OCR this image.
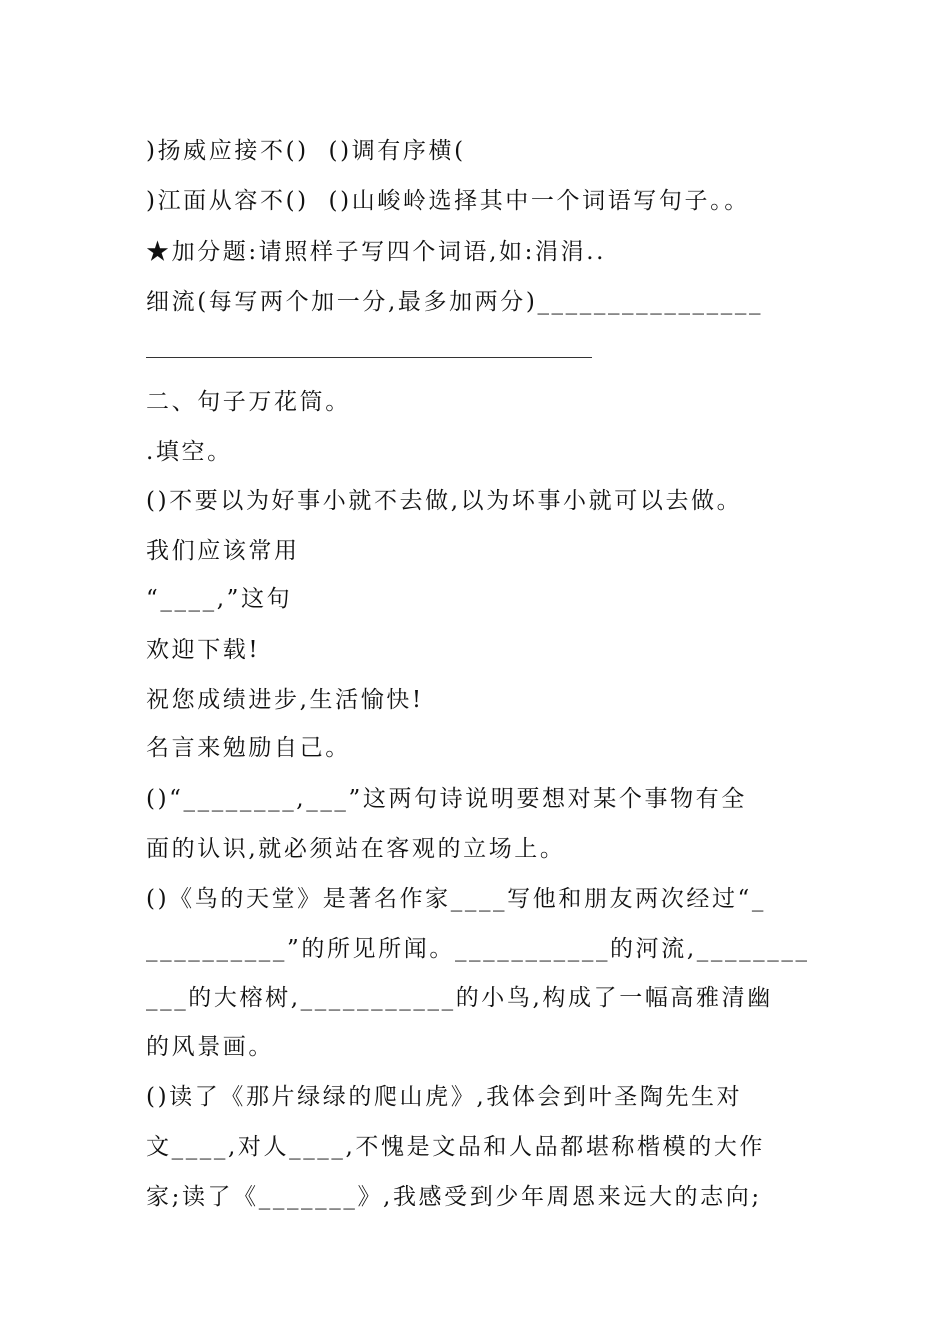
)扬威应接不()  ()调有序横(
)江面从容不()  ()山峻岭选择其中一个词语写句子。。
★加分题:请照样子写四个词语,如:涓涓..
细流(每写两个加一分,最多加两分)________________
二、句子万花筒。
.填空。
()不要以为好事小就不去做,以为坏事小就可以去做。
我们应该常用
“____,”这句
欢迎下载!
祝您成绩进步,生活愉快!
名言来勉励自己。
()“________,___”这两句诗说明要想对某个事物有全
面的认识,就必须站在客观的立场上。
()《鸟的天堂》是著名作家____写他和朋友两次经过“_
__________”的所见所闻。___________的河流,________
___的大榕树,___________的小鸟,构成了一幅高雅清幽
的风景画。
()读了《那片绿绿的爬山虎》,我体会到叶圣陶先生对
文____,对人____,不愧是文品和人品都堪称楷模的大作
家;读了《_______》,我感受到少年周恩来远大的志向;
